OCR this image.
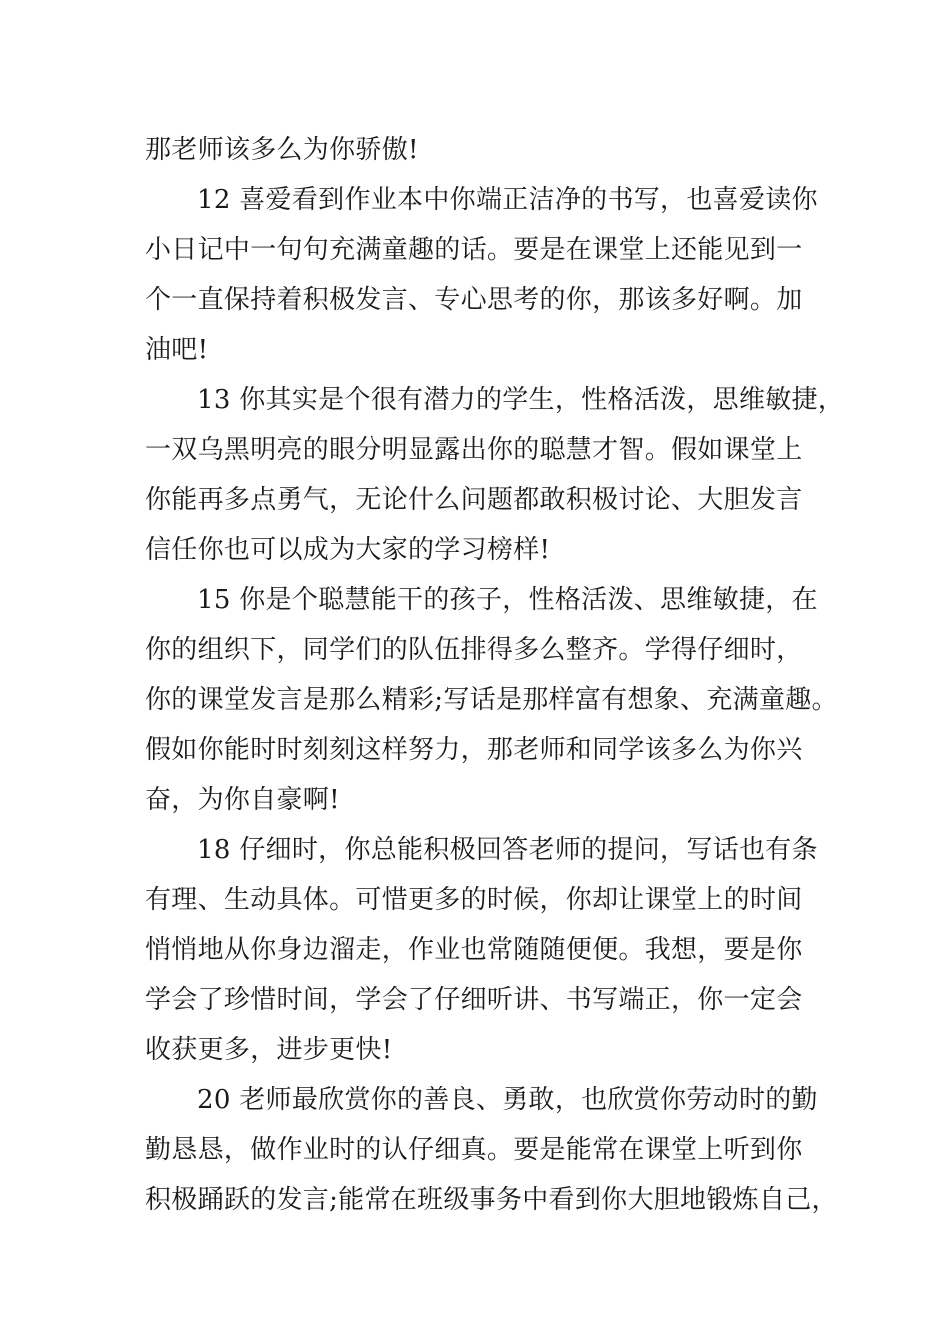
那老师该多么为你骄傲!
12 喜爱看到作业本中你端正洁净的书写，也喜爱读你
小日记中一句句充满童趣的话。要是在课堂上还能见到一
个一直保持着积极发言、专心思考的你，那该多好啊。加
油吧!
13 你其实是个很有潜力的学生，性格活泼，思维敏捷，
一双乌黑明亮的眼分明显露出你的聪慧才智。假如课堂上
你能再多点勇气，无论什么问题都敢积极讨论、大胆发言
信任你也可以成为大家的学习榜样!
15 你是个聪慧能干的孩子，性格活泼、思维敏捷，在
你的组织下，同学们的队伍排得多么整齐。学得仔细时，
你的课堂发言是那么精彩;写话是那样富有想象、充满童趣。
假如你能时时刻刻这样努力，那老师和同学该多么为你兴
奋，为你自豪啊!
18 仔细时，你总能积极回答老师的提问，写话也有条
有理、生动具体。可惜更多的时候，你却让课堂上的时间
悄悄地从你身边溜走，作业也常随随便便。我想，要是你
学会了珍惜时间，学会了仔细听讲、书写端正，你一定会
收获更多，进步更快!
20 老师最欣赏你的善良、勇敢，也欣赏你劳动时的勤
勤恳恳，做作业时的认仔细真。要是能常在课堂上听到你
积极踊跃的发言;能常在班级事务中看到你大胆地锻炼自己，
